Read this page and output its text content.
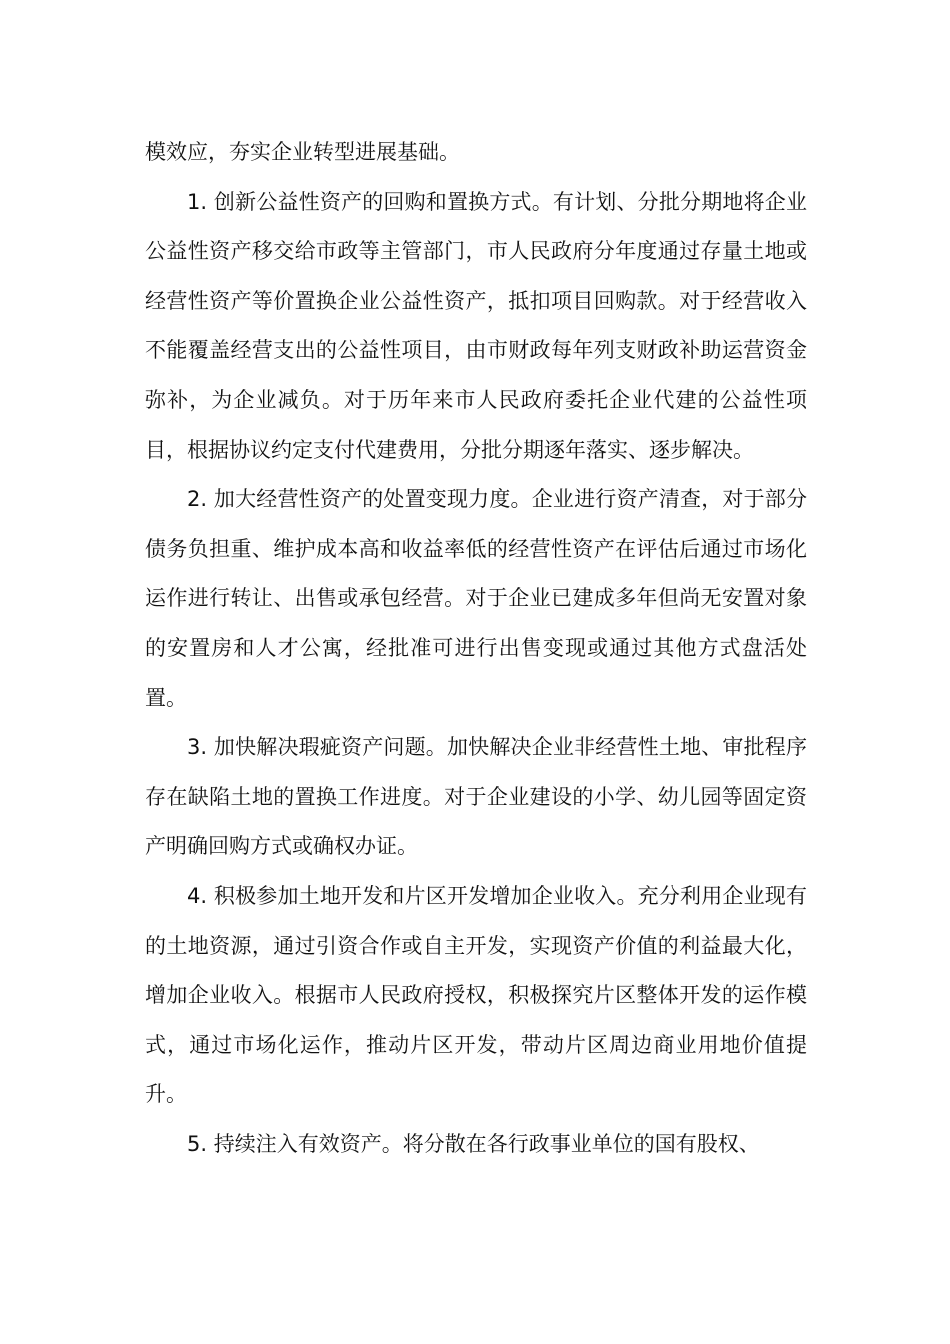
模效应，夯实企业转型进展基础。

1. 创新公益性资产的回购和置换方式。有计划、分批分期地将企业公益性资产移交给市政等主管部门，市人民政府分年度通过存量土地或经营性资产等价置换企业公益性资产，抵扣项目回购款。对于经营收入不能覆盖经营支出的公益性项目，由市财政每年列支财政补助运营资金弥补，为企业减负。对于历年来市人民政府委托企业代建的公益性项目，根据协议约定支付代建费用，分批分期逐年落实、逐步解决。

2. 加大经营性资产的处置变现力度。企业进行资产清查，对于部分债务负担重、维护成本高和收益率低的经营性资产在评估后通过市场化运作进行转让、出售或承包经营。对于企业已建成多年但尚无安置对象的安置房和人才公寓，经批准可进行出售变现或通过其他方式盘活处置。

3. 加快解决瑕疵资产问题。加快解决企业非经营性土地、审批程序存在缺陷土地的置换工作进度。对于企业建设的小学、幼儿园等固定资产明确回购方式或确权办证。

4. 积极参加土地开发和片区开发增加企业收入。充分利用企业现有的土地资源，通过引资合作或自主开发，实现资产价值的利益最大化，增加企业收入。根据市人民政府授权，积极探究片区整体开发的运作模式，通过市场化运作，推动片区开发，带动片区周边商业用地价值提升。

5. 持续注入有效资产。将分散在各行政事业单位的国有股权、
